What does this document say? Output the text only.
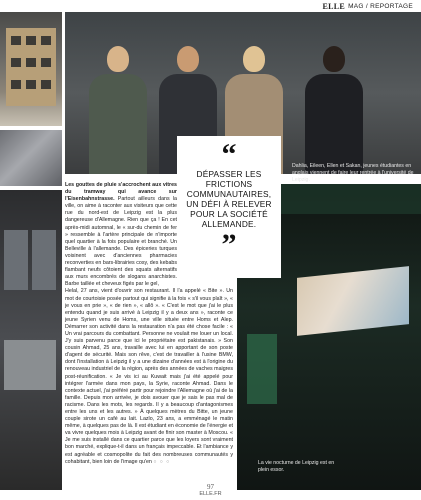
ELLE MAG / REPORTAGE
Dahlia, Eileen, Ellen et Sakan, jeunes étudiantes en anglais viennent de faire leur rentrée à l'université de Leipzig.
La vie nocturne de Leipzig est en plein essor.
“
DÉPASSER LES FRICTIONS COMMUNAUTAIRES, UN DÉFI À RELEVER POUR LA SOCIÉTÉ ALLEMANDE.
”

Les gouttes de pluie s'accrochent aux vitres du tramway qui avance sur l'Eisenbahnstrasse. Partout ailleurs dans la ville, on aime à raconter aux visiteurs que cette rue du nord-est de Leipzig est la plus dangereuse d'Allemagne. Rien que ça ! En cet après-midi automnal, le « sur-du chemin de fer » ressemble à l'artère principale de n'importe quel quartier à la fois populaire et branché. Un Belleville à l'allemande. Des épiceries turques voisinent avec d'anciennes pharmacies reconverties en bars-librairies cosy, des kebabs flambant neufs côtoient des squats alternatifs aux murs encombrés de slogans anarchistes. Barbe taillée et cheveux figés par le gel,

Helal, 27 ans, vient d'ouvrir son restaurant. Il l'a appelé « Bite ». Un mot de courtoisie posée partout qui signifie à la fois « s'il vous plaît », « je vous en prie », « de rien », « allô ». « C'est le mot que j'ai le plus entendu quand je suis arrivé à Leipzig il y a deux ans », raconte ce jeune Syrien venu de Homs, une ville située entre Homs et Alep. Démarrer son activité dans la restauration n'a pas été chose facile : « Un vrai parcours du combattant. Personne ne voulait me louer un local. J'y suis parvenu parce que ici le propriétaire est pakistanais. » Son cousin Ahmad, 25 ans, travaille avec lui en apportant de son poste d'agent de sécurité. Mais son rêve, c'est de travailler à l'usine BMW, dont l'installation à Leipzig il y a une dizaine d'années est à l'origine du renouveau industriel de la région, après des années de vaches maigres post-réunification. « Je vis ici au Kuwait mais j'ai été appelé pour intégrer l'armée dans mon pays, la Syrie, raconte Ahmad. Dans le contexte actuel, j'ai préféré partir pour rejoindre l'Allemagne où j'ai de la famille. Depuis mon arrivée, je dois avouer que je sais le pas mal de racisme. Dans les mots, les regards. Il y a beaucoup d'antagonismes entre les uns et les autres. » À quelques mètres du Bitte, un jeune couple sirote un café au lait. Lazlo, 23 ans, a emménagé le matin même, à quelques pas de là. Il est étudiant en économie de l'énergie et va vivre quelques mois à Leipzig avant de finir son master à Moscou. « Je me suis installé dans ce quartier parce que les loyers sont vraiment bon marché, explique-t-il dans un français impeccable. Et l'ambiance y est agréable et cosmopolite du fait des nombreuses communautés y cohabitant, bien loin de l'image qu'en ○ ○ ○

97
ELLE.FR
